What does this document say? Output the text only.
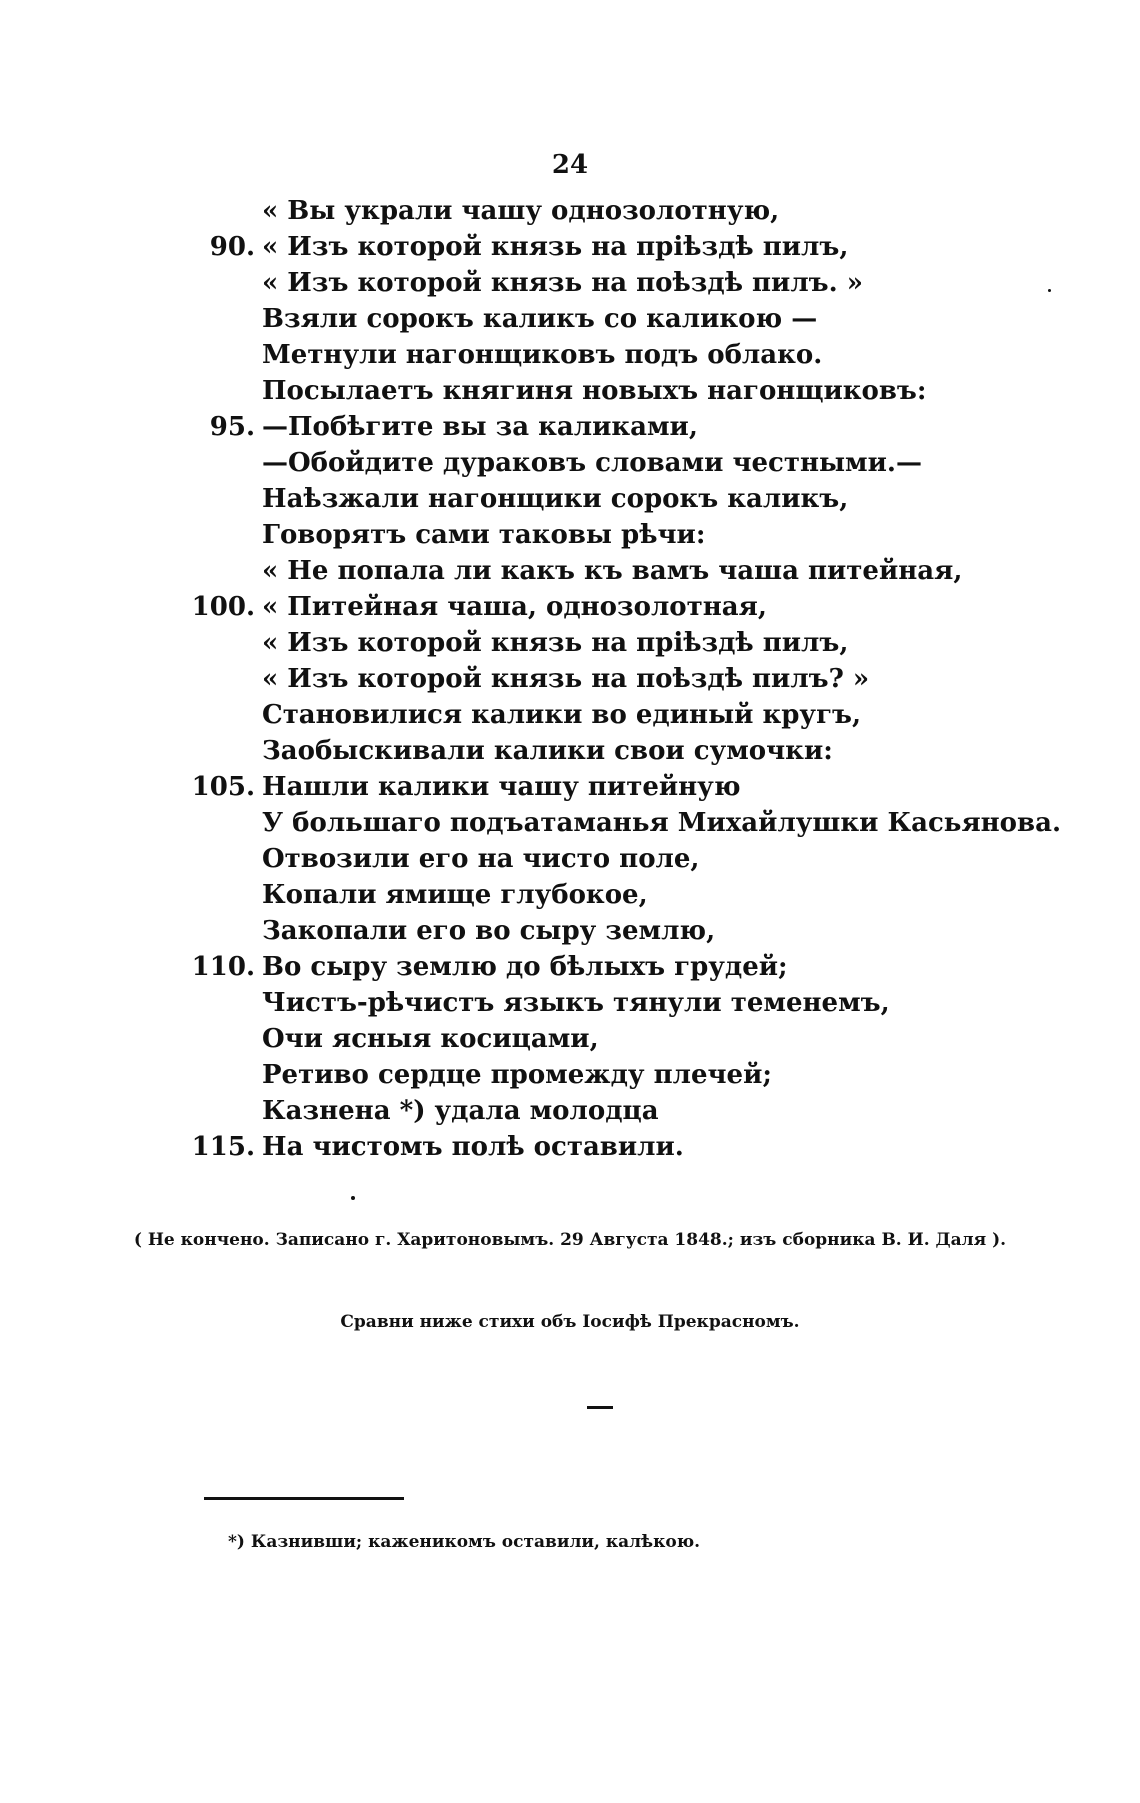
24
« Вы украли чашу однозолотную,
90. « Изъ которой князь на прiѣздѣ пилъ,
« Изъ которой князь на поѣздѣ пилъ. »
Взяли сорокъ каликъ со каликою —
Метнули нагонщиковъ подъ облако.
Посылаетъ княгиня новыхъ нагонщиковъ:
95. —Побѣгите вы за каликами,
—Обойдите дураковъ словами честными.—
Наѣзжали нагонщики сорокъ каликъ,
Говорятъ сами таковы рѣчи:
« Не попала ли какъ къ вамъ чаша питейная,
100. « Питейная чаша, однозолотная,
« Изъ которой князь на прiѣздѣ пилъ,
« Изъ которой князь на поѣздѣ пилъ? »
Становилися калики во единый кругъ,
Заобыскивали калики свои сумочки:
105. Нашли калики чашу питейную
У большаго подъатаманья Михайлушки Касьянова.
Отвозили его на чисто поле,
Копали ямище глубокое,
Закопали его во сыру землю,
110. Во сыру землю до бѣлыхъ грудей;
Чистъ-рѣчистъ языкъ тянули теменемъ,
Очи ясныя косицами,
Ретиво сердце промежду плечей;
Казнена *) удала молодца
115. На чистомъ полѣ оставили.
( Не кончено. Записано г. Харитоновымъ. 29 Августа 1848.; изъ сборника В. И. Даля ).
Сравни ниже стихи объ Iосифѣ Прекрасномъ.
*) Казнивши; каженикомъ оставили, калѣкою.
